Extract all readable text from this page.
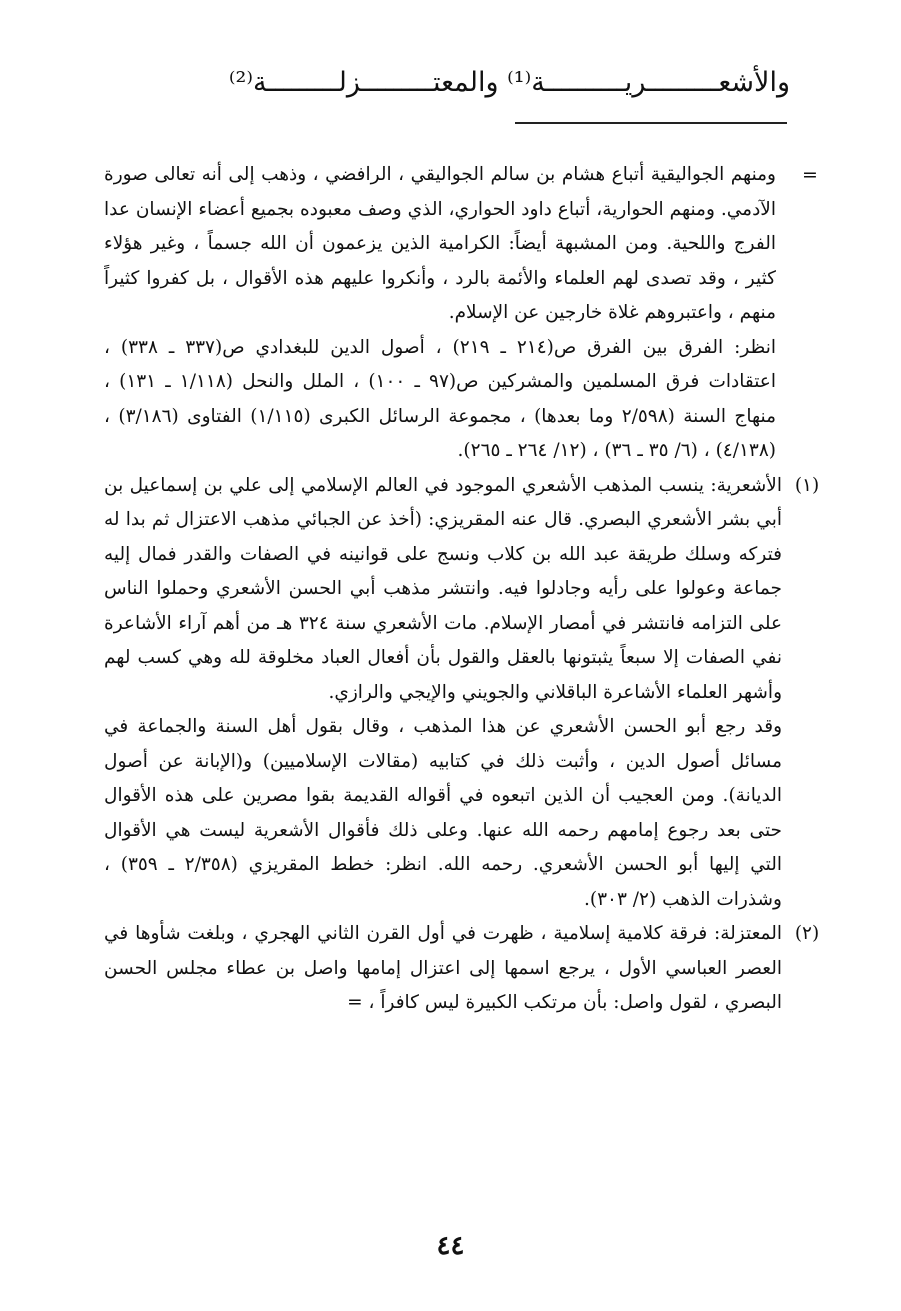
والأشعـــــــــريــــــــــة⁽¹⁾ والمعتـــــــــزلـــــــــة⁽²⁾
=

ومنهم الجواليقية أتباع هشام بن سالم الجواليقي ، الرافضي ، وذهب إلى أنه تعالى صورة الآدمي. ومنهم الحوارية، أتباع داود الحواري، الذي وصف معبوده بجميع أعضاء الإنسان عدا الفرج واللحية. ومن المشبهة أيضاً: الكرامية الذين يزعمون أن الله جسماً ، وغير هؤلاء كثير ، وقد تصدى لهم العلماء والأئمة بالرد ، وأنكروا عليهم هذه الأقوال ، بل كفروا كثيراً منهم ، واعتبروهم غلاة خارجين عن الإسلام.

انظر: الفرق بين الفرق ص(٢١٤ ـ ٢١٩) ، أصول الدين للبغدادي ص(٣٣٧ ـ ٣٣٨) ، اعتقادات فرق المسلمين والمشركين ص(٩٧ ـ ١٠٠) ، الملل والنحل (١/١١٨ ـ ١٣١) ، منهاج السنة (٢/٥٩٨ وما بعدها) ، مجموعة الرسائل الكبرى (١/١١٥) الفتاوى (٣/١٨٦) ، (٤/١٣٨) ، (٦/ ٣٥ ـ ٣٦) ، (١٢/ ٢٦٤ ـ ٢٦٥).

(١)

الأشعرية: ينسب المذهب الأشعري الموجود في العالم الإسلامي إلى علي بن إسماعيل بن أبي بشر الأشعري البصري. قال عنه المقريزي: (أخذ عن الجبائي مذهب الاعتزال ثم بدا له فتركه وسلك طريقة عبد الله بن كلاب ونسج على قوانينه في الصفات والقدر فمال إليه جماعة وعولوا على رأيه وجادلوا فيه. وانتشر مذهب أبي الحسن الأشعري وحملوا الناس على التزامه فانتشر في أمصار الإسلام. مات الأشعري سنة ٣٢٤ هـ من أهم آراء الأشاعرة نفي الصفات إلا سبعاً يثبتونها بالعقل والقول بأن أفعال العباد مخلوقة لله وهي كسب لهم وأشهر العلماء الأشاعرة الباقلاني والجويني والإيجي والرازي.

وقد رجع أبو الحسن الأشعري عن هذا المذهب ، وقال بقول أهل السنة والجماعة في مسائل أصول الدين ، وأثبت ذلك في كتابيه (مقالات الإسلاميين) و(الإبانة عن أصول الديانة). ومن العجيب أن الذين اتبعوه في أقواله القديمة بقوا مصرين على هذه الأقوال حتى بعد رجوع إمامهم رحمه الله عنها. وعلى ذلك فأقوال الأشعرية ليست هي الأقوال التي إليها أبو الحسن الأشعري. رحمه الله. انظر: خطط المقريزي (٢/٣٥٨ ـ ٣٥٩) ، وشذرات الذهب (٢/ ٣٠٣).

(٢)

المعتزلة: فرقة كلامية إسلامية ، ظهرت في أول القرن الثاني الهجري ، وبلغت شأوها في العصر العباسي الأول ، يرجع اسمها إلى اعتزال إمامها واصل بن عطاء مجلس الحسن البصري ، لقول واصل: بأن مرتكب الكبيرة ليس كافراً ، =

٤٤
